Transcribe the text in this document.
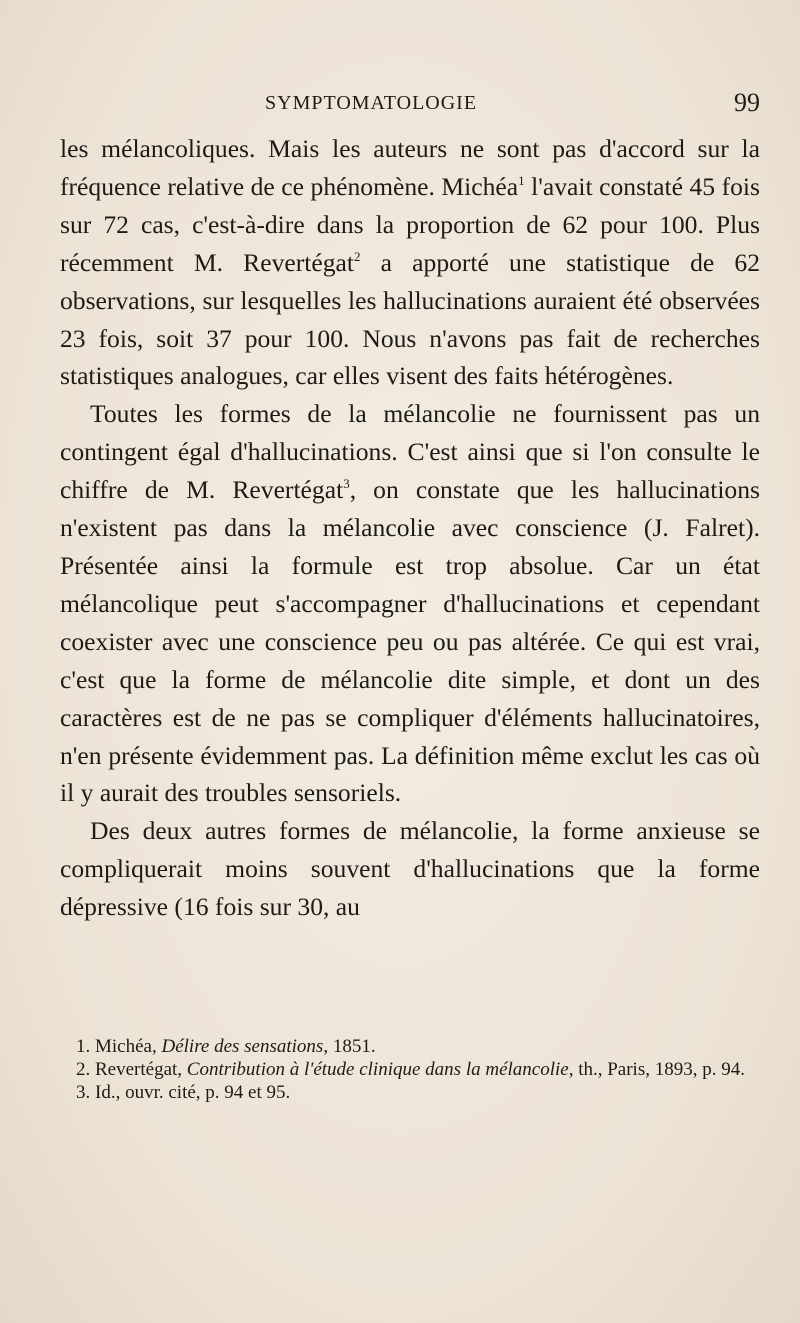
SYMPTOMATOLOGIE	99

les mélancoliques. Mais les auteurs ne sont pas d'accord sur la fréquence relative de ce phénomène. Michéa$^1$ l'avait constaté 45 fois sur 72 cas, c'est-à-dire dans la proportion de 62 pour 100. Plus récemment M. Revertégat$^2$ a apporté une statistique de 62 observations, sur lesquelles les hallucinations auraient été observées 23 fois, soit 37 pour 100. Nous n'avons pas fait de recherches statistiques analogues, car elles visent des faits hétérogènes.

Toutes les formes de la mélancolie ne fournissent pas un contingent égal d'hallucinations. C'est ainsi que si l'on consulte le chiffre de M. Revertégat$^3$, on constate que les hallucinations n'existent pas dans la mélancolie avec conscience (J. Falret). Présentée ainsi la formule est trop absolue. Car un état mélancolique peut s'accompagner d'hallucinations et cependant coexister avec une conscience peu ou pas altérée. Ce qui est vrai, c'est que la forme de mélancolie dite simple, et dont un des caractères est de ne pas se compliquer d'éléments hallucinatoires, n'en présente évidemment pas. La définition même exclut les cas où il y aurait des troubles sensoriels.

Des deux autres formes de mélancolie, la forme anxieuse se compliquerait moins souvent d'hallucinations que la forme dépressive (16 fois sur 30, au

1. Michéa, Délire des sensations, 1851.

2. Revertégat, Contribution à l'étude clinique dans la mélancolie, th., Paris, 1893, p. 94.

3. Id., ouvr. cité, p. 94 et 95.
